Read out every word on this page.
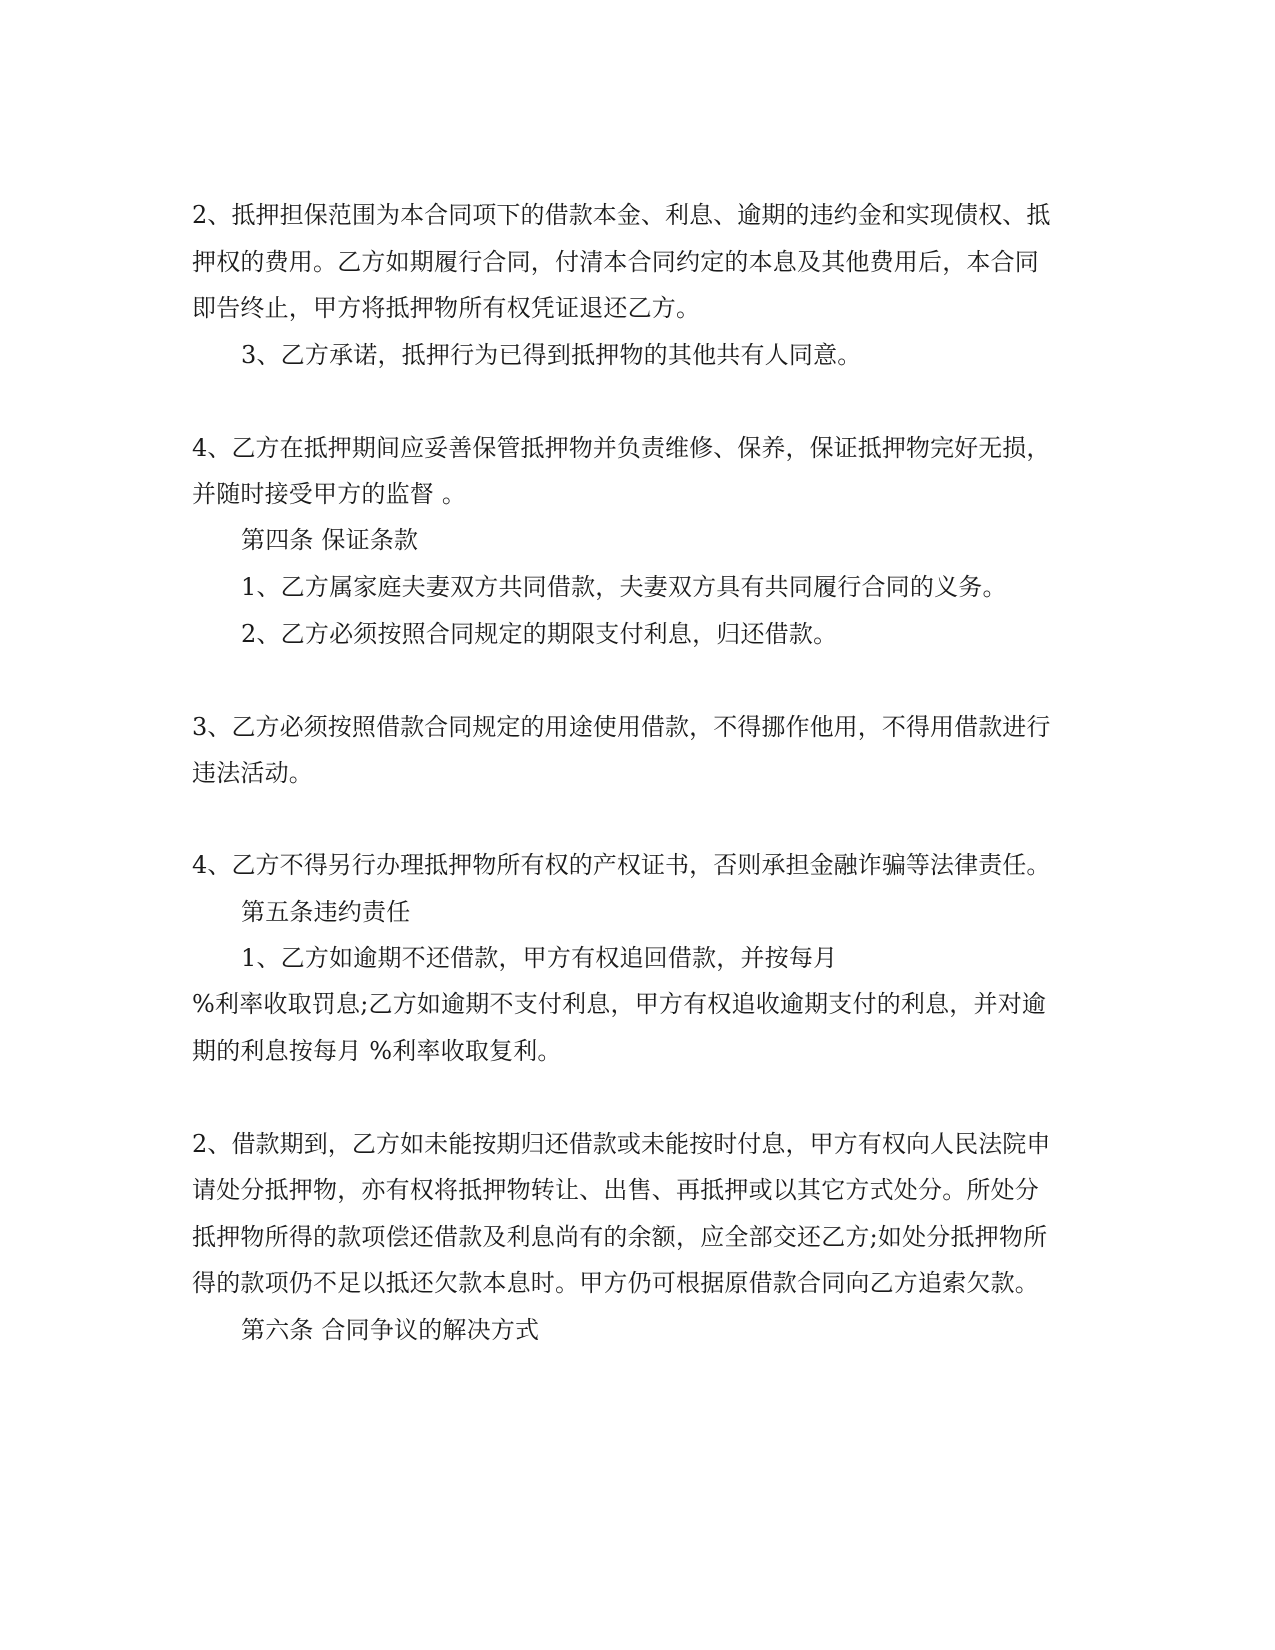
2、抵押担保范围为本合同项下的借款本金、利息、逾期的违约金和实现债权、抵
押权的费用。乙方如期履行合同，付清本合同约定的本息及其他费用后，本合同
即告终止，甲方将抵押物所有权凭证退还乙方。
3、乙方承诺，抵押行为已得到抵押物的其他共有人同意。
4、乙方在抵押期间应妥善保管抵押物并负责维修、保养，保证抵押物完好无损，
并随时接受甲方的监督 。
第四条 保证条款
1、乙方属家庭夫妻双方共同借款，夫妻双方具有共同履行合同的义务。
2、乙方必须按照合同规定的期限支付利息，归还借款。
3、乙方必须按照借款合同规定的用途使用借款，不得挪作他用，不得用借款进行
违法活动。
4、乙方不得另行办理抵押物所有权的产权证书，否则承担金融诈骗等法律责任。
第五条违约责任
1、乙方如逾期不还借款，甲方有权追回借款，并按每月
%利率收取罚息;乙方如逾期不支付利息，甲方有权追收逾期支付的利息，并对逾
期的利息按每月 %利率收取复利。
2、借款期到，乙方如未能按期归还借款或未能按时付息，甲方有权向人民法院申
请处分抵押物，亦有权将抵押物转让、出售、再抵押或以其它方式处分。所处分
抵押物所得的款项偿还借款及利息尚有的余额，应全部交还乙方;如处分抵押物所
得的款项仍不足以抵还欠款本息时。甲方仍可根据原借款合同向乙方追索欠款。
第六条 合同争议的解决方式
